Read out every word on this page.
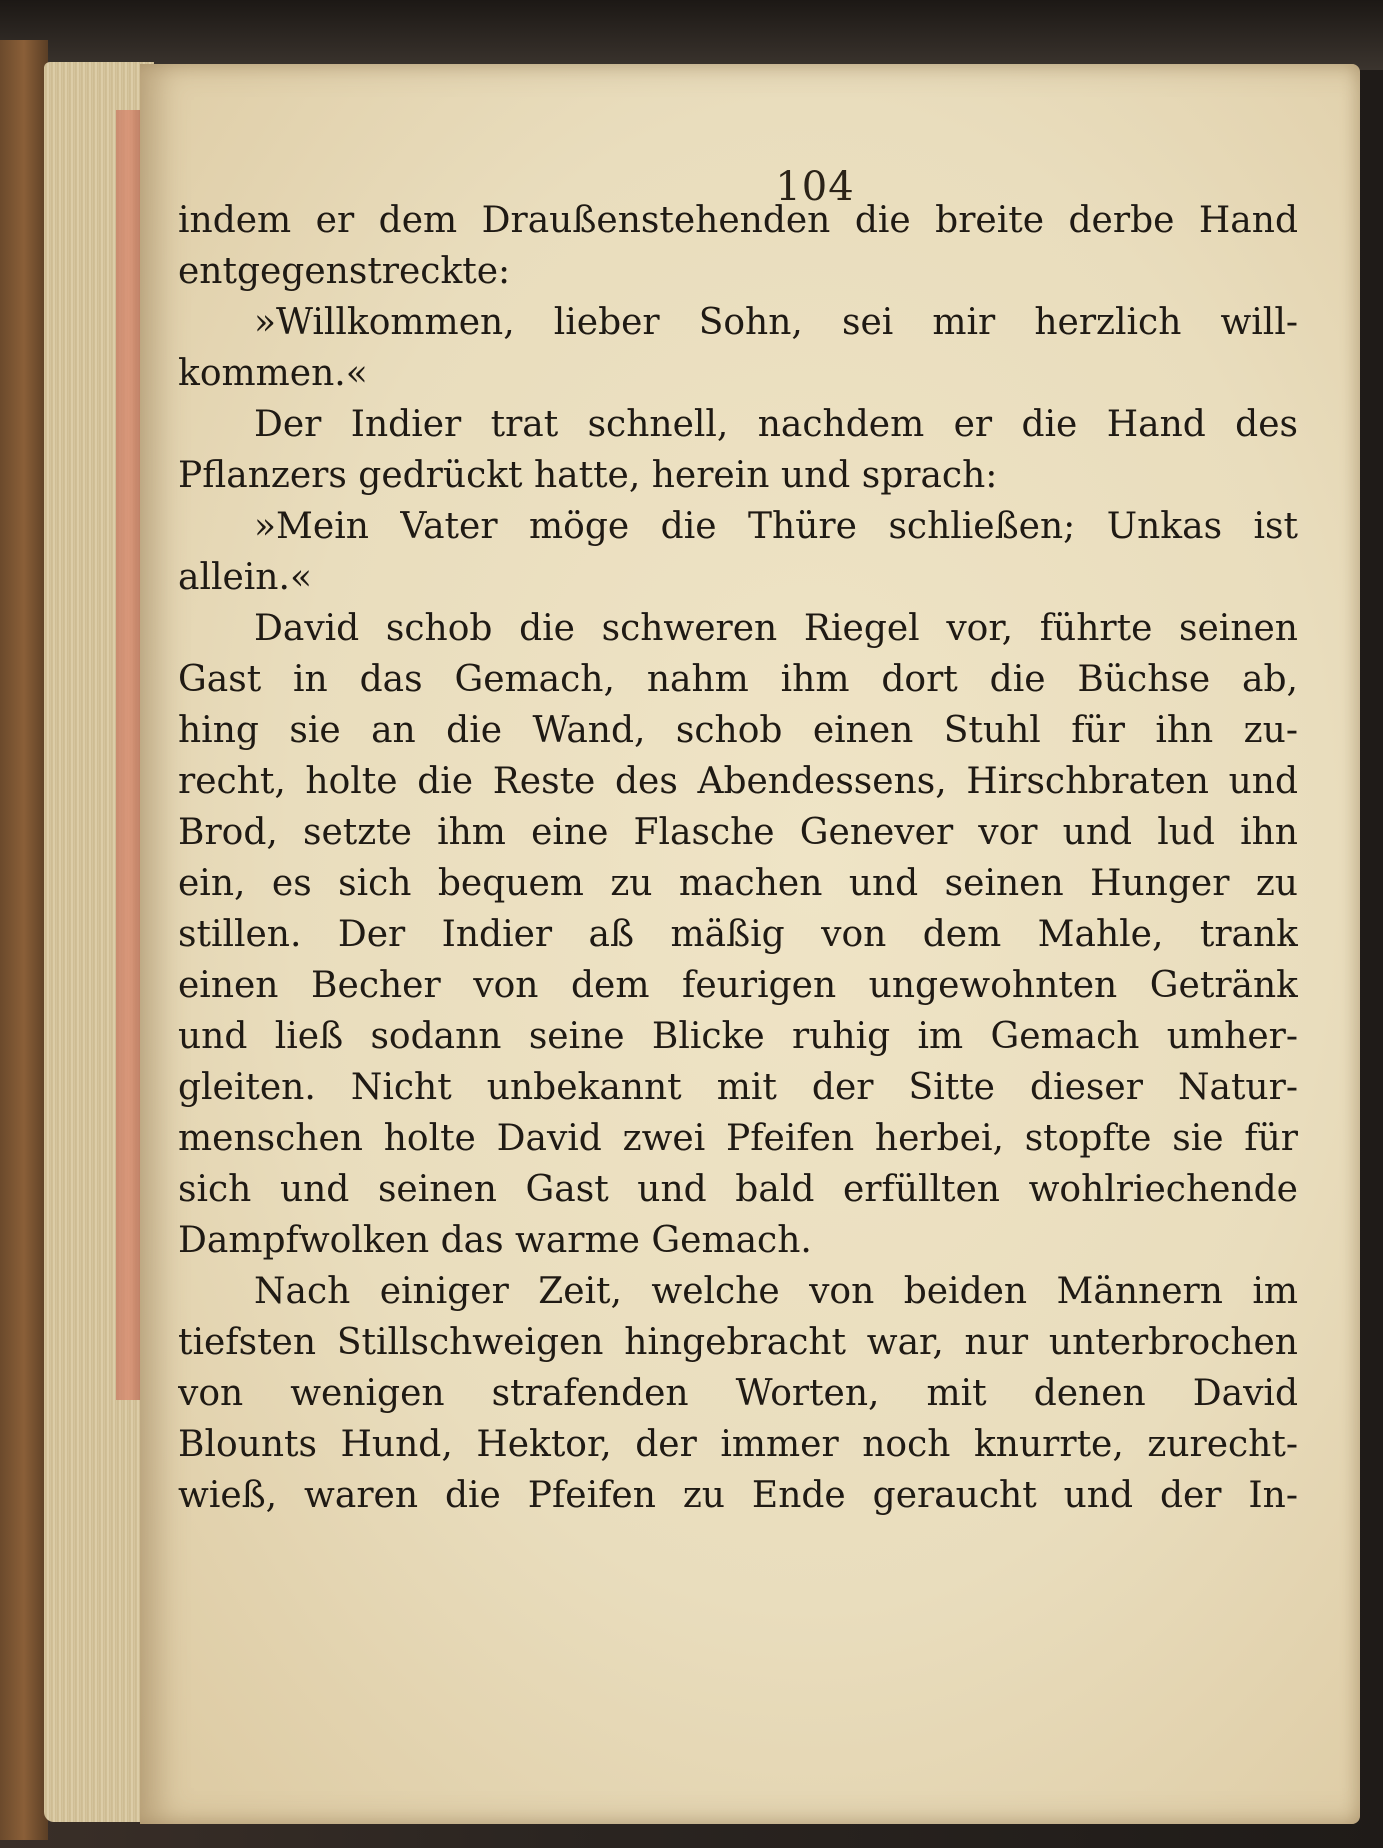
104
indem er dem Draußenstehenden die breite derbe Hand
entgegenstreckte:
»Willkommen, lieber Sohn, sei mir herzlich will-
kommen.«
Der Indier trat schnell, nachdem er die Hand des
Pflanzers gedrückt hatte, herein und sprach:
»Mein Vater möge die Thüre schließen; Unkas ist
allein.«
David schob die schweren Riegel vor, führte seinen
Gast in das Gemach, nahm ihm dort die Büchse ab,
hing sie an die Wand, schob einen Stuhl für ihn zu-
recht, holte die Reste des Abendessens, Hirschbraten und
Brod, setzte ihm eine Flasche Genever vor und lud ihn
ein, es sich bequem zu machen und seinen Hunger zu
stillen. Der Indier aß mäßig von dem Mahle, trank
einen Becher von dem feurigen ungewohnten Getränk
und ließ sodann seine Blicke ruhig im Gemach umher-
gleiten. Nicht unbekannt mit der Sitte dieser Natur-
menschen holte David zwei Pfeifen herbei, stopfte sie für
sich und seinen Gast und bald erfüllten wohlriechende
Dampfwolken das warme Gemach.
Nach einiger Zeit, welche von beiden Männern im
tiefsten Stillschweigen hingebracht war, nur unterbrochen
von wenigen strafenden Worten, mit denen David
Blounts Hund, Hektor, der immer noch knurrte, zurecht-
wieß, waren die Pfeifen zu Ende geraucht und der In-
